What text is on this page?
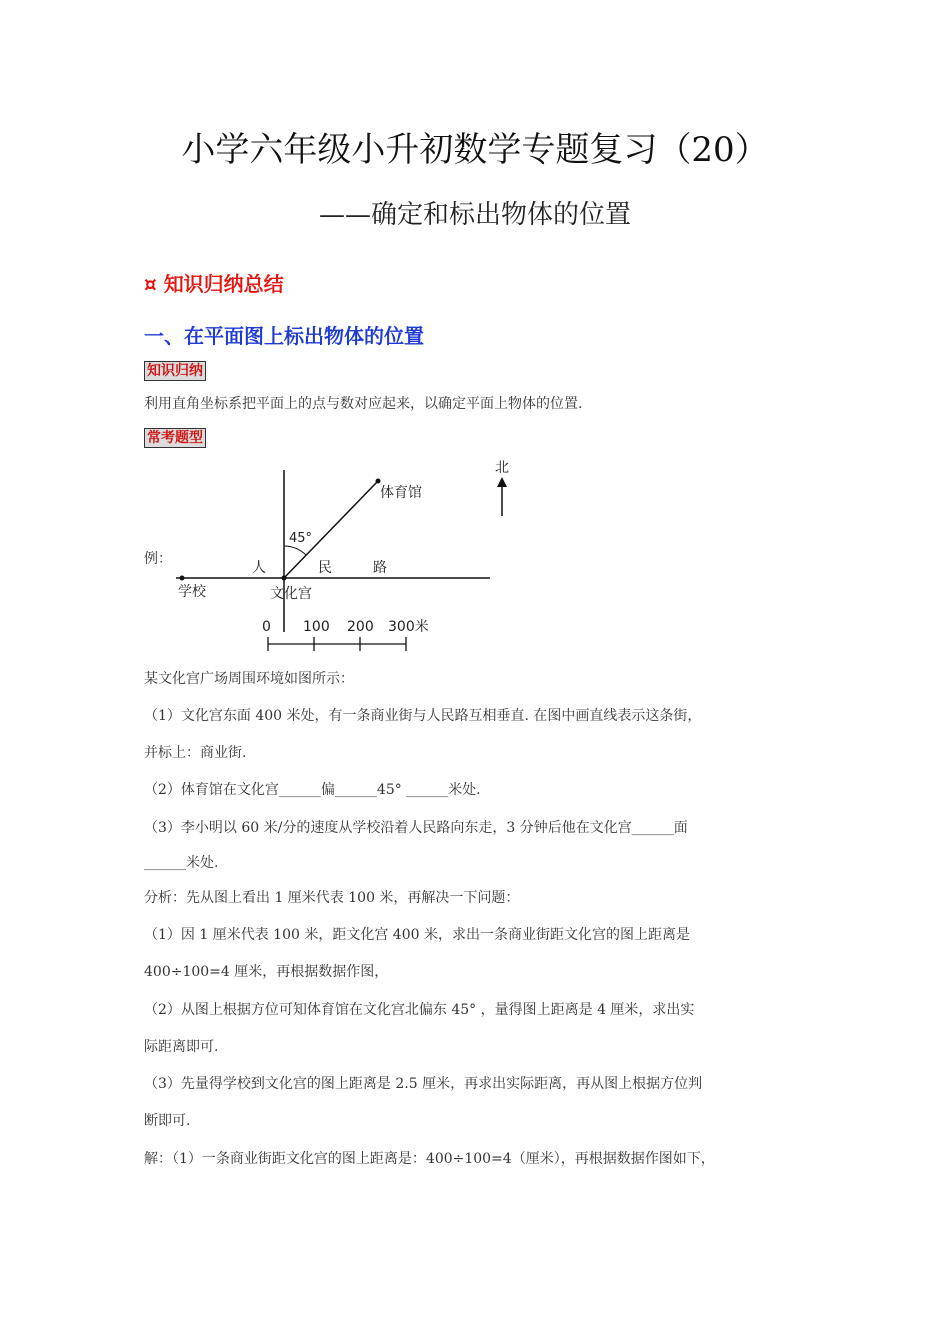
小学六年级小升初数学专题复习（20）
——确定和标出物体的位置
¤ 知识归纳总结
一、在平面图上标出物体的位置
知识归纳
利用直角坐标系把平面上的点与数对应起来，以确定平面上物体的位置.
常考题型
例：
北
体育馆
45°
人	民	路
学校	文化宫
0 100 200 300米
某文化宫广场周围环境如图所示：
（1）文化宫东面 400 米处，有一条商业街与人民路互相垂直. 在图中画直线表示这条街，
并标上：商业街.
（2）体育馆在文化宫______偏______45° ______米处.
（3）李小明以 60 米/分的速度从学校沿着人民路向东走，3 分钟后他在文化宫______面
______米处.
分析：先从图上看出 1 厘米代表 100 米，再解决一下问题：
（1）因 1 厘米代表 100 米，距文化宫 400 米，求出一条商业街距文化宫的图上距离是
400÷100=4 厘米，再根据数据作图，
（2）从图上根据方位可知体育馆在文化宫北偏东 45° ，量得图上距离是 4 厘米，求出实
际距离即可.
（3）先量得学校到文化宫的图上距离是 2.5 厘米，再求出实际距离，再从图上根据方位判
断即可.
解：（1）一条商业街距文化宫的图上距离是：400÷100=4（厘米），再根据数据作图如下，
